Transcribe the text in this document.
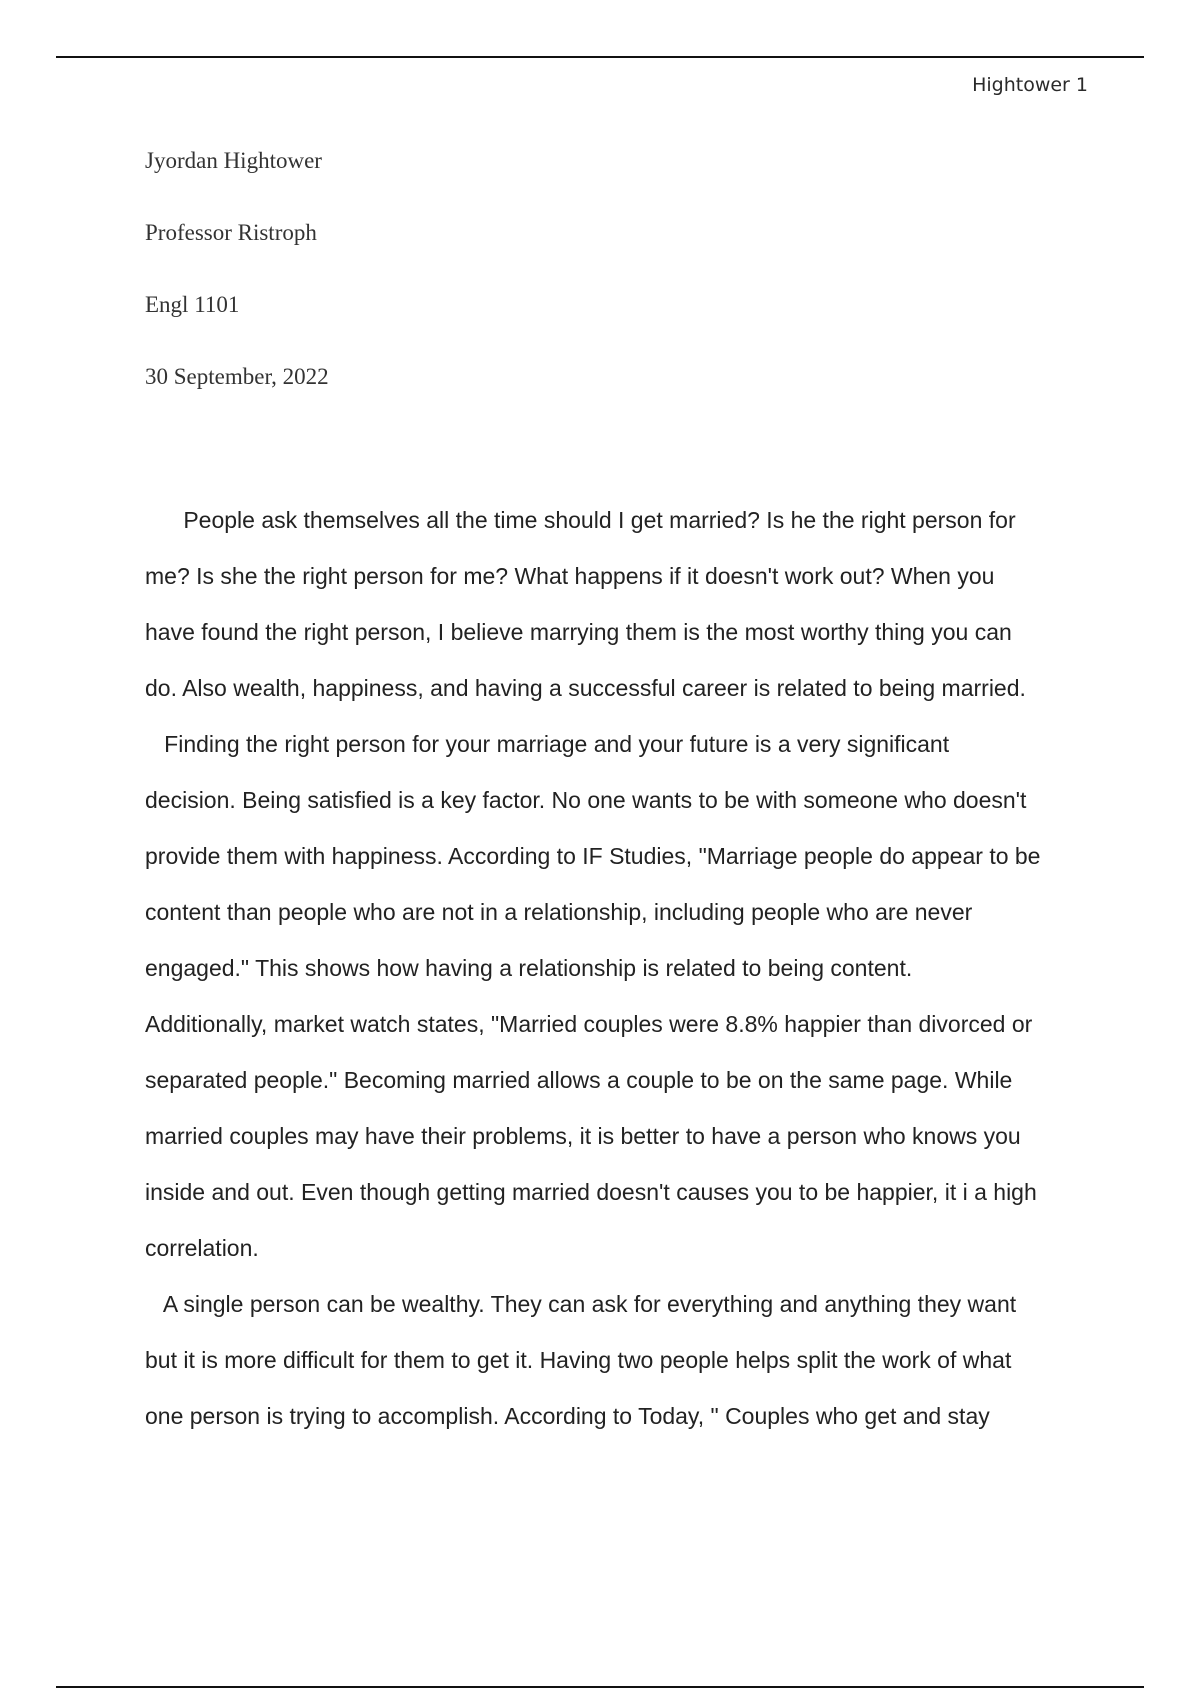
Hightower 1
Jyordan Hightower
Professor Ristroph
Engl 1101
30 September, 2022
People ask themselves all the time should I get married? Is he the right person for
me? Is she the right person for me? What happens if it doesn't work out? When you
have found the right person, I believe marrying them is the most worthy thing you can
do. Also wealth, happiness, and having a successful career is related to being married.
Finding the right person for your marriage and your future is a very significant
decision. Being satisfied is a key factor. No one wants to be with someone who doesn't
provide them with happiness. According to IF Studies, "Marriage people do appear to be
content than people who are not in a relationship, including people who are never
engaged." This shows how having a relationship is related to being content.
Additionally, market watch states, "Married couples were 8.8% happier than divorced or
separated people." Becoming married allows a couple to be on the same page. While
married couples may have their problems, it is better to have a person who knows you
inside and out. Even though getting married doesn't causes you to be happier, it i a high
correlation.
A single person can be wealthy. They can ask for everything and anything they want
but it is more difficult for them to get it. Having two people helps split the work of what
one person is trying to accomplish. According to Today, " Couples who get and stay
